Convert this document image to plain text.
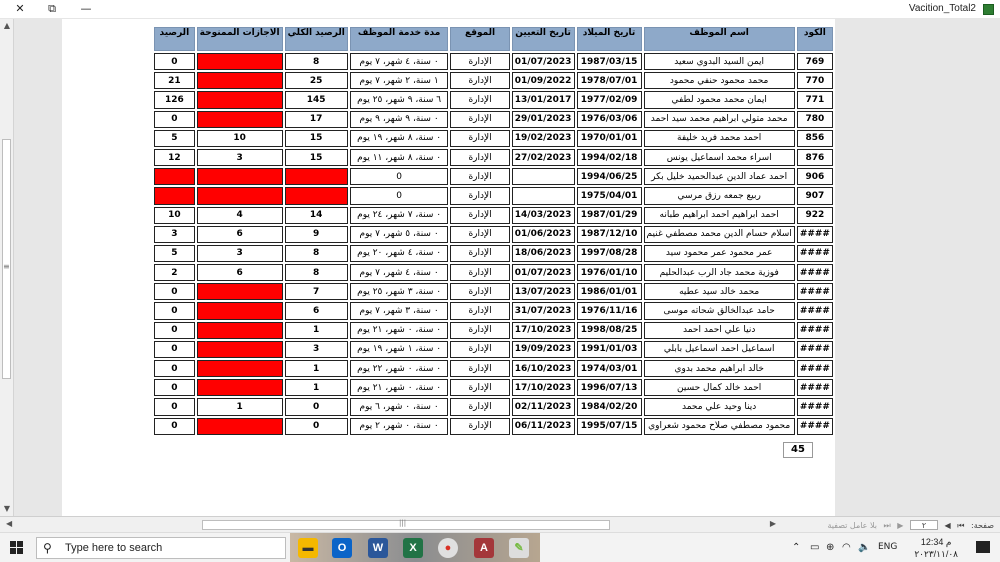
✕	⧉	—	Vacition_Total2
▲
≡
▼
الرصيد	الاجازات الممنوحة	الرصيد الكلي	مدة خدمة الموظف	الموقع	تاريخ التعيين	تاريخ الميلاد	اسم الموظف	الكود
0		8	٠ سنة، ٤ شهر، ٧ يوم	الإدارة	01/07/2023	1987/03/15	ايمن السيد البدوي سعيد	769
21		25	١ سنة، ٢ شهر، ٧ يوم	الإدارة	01/09/2022	1978/07/01	محمد محمود حنفي محمود	770
126		145	٦ سنة، ٩ شهر، ٢٥ يوم	الإدارة	13/01/2017	1977/02/09	ايمان محمد محمود لطفي	771
0		17	٠ سنة، ٩ شهر، ٩ يوم	الإدارة	29/01/2023	1976/03/06	محمد متولي ابراهيم محمد سيد احمد	780
5	10	15	٠ سنة، ٨ شهر، ١٩ يوم	الإدارة	19/02/2023	1970/01/01	احمد محمد فريد خليفة	856
12	3	15	٠ سنة، ٨ شهر، ١١ يوم	الإدارة	27/02/2023	1994/02/18	اسراء محمد اسماعيل يونس	876
			0	الإدارة		1994/06/25	احمد عماد الدين عبدالحميد خليل بكر	906
			0	الإدارة		1975/04/01	ربيع جمعه رزق مرسي	907
10	4	14	٠ سنة، ٧ شهر، ٢٤ يوم	الإدارة	14/03/2023	1987/01/29	احمد ابراهيم احمد ابراهيم طبانه	922
3	6	9	٠ سنة، ٥ شهر، ٧ يوم	الإدارة	01/06/2023	1987/12/10	اسلام حسام الدين محمد مصطفي غنيم	####
5	3	8	٠ سنة، ٤ شهر، ٢٠ يوم	الإدارة	18/06/2023	1997/08/28	عمر محمود عمر محمود سيد	####
2	6	8	٠ سنة، ٤ شهر، ٧ يوم	الإدارة	01/07/2023	1976/01/10	فوزية محمد جاد الرب عبدالحليم	####
0		7	٠ سنة، ٣ شهر، ٢٥ يوم	الإدارة	13/07/2023	1986/01/01	محمد خالد سيد عطيه	####
0		6	٠ سنة، ٣ شهر، ٧ يوم	الإدارة	31/07/2023	1976/11/16	حامد عبدالخالق شحاته موسى	####
0		1	٠ سنة، ٠ شهر، ٢١ يوم	الإدارة	17/10/2023	1998/08/25	دنيا علي احمد احمد	####
0		3	٠ سنة، ١ شهر، ١٩ يوم	الإدارة	19/09/2023	1991/01/03	اسماعيل احمد اسماعيل بابلي	####
0		1	٠ سنة، ٠ شهر، ٢٢ يوم	الإدارة	16/10/2023	1974/03/01	خالد ابراهيم محمد بدوي	####
0		1	٠ سنة، ٠ شهر، ٢١ يوم	الإدارة	17/10/2023	1996/07/13	احمد خالد كمال حسين	####
0	1	0	٠ سنة، ٠ شهر، ٦ يوم	الإدارة	02/11/2023	1984/02/20	دينا وحيد علي محمد	####
0		0	٠ سنة، ٠ شهر، ٢ يوم	الإدارة	06/11/2023	1995/07/15	محمود مصطفي صلاح محمود شعراوي	####
45
◀	|||	▶	صفحة: ⏮ ◀ ٢ ▶ ⏭ بلا عامل تصفية
⚲ Type here to search	▬	O	W	X	●	A	✎	⌃ ▭ ⊕ ◠ 🔈 ENG	12:34 م
٢٠٢٣/١١/٠٨
